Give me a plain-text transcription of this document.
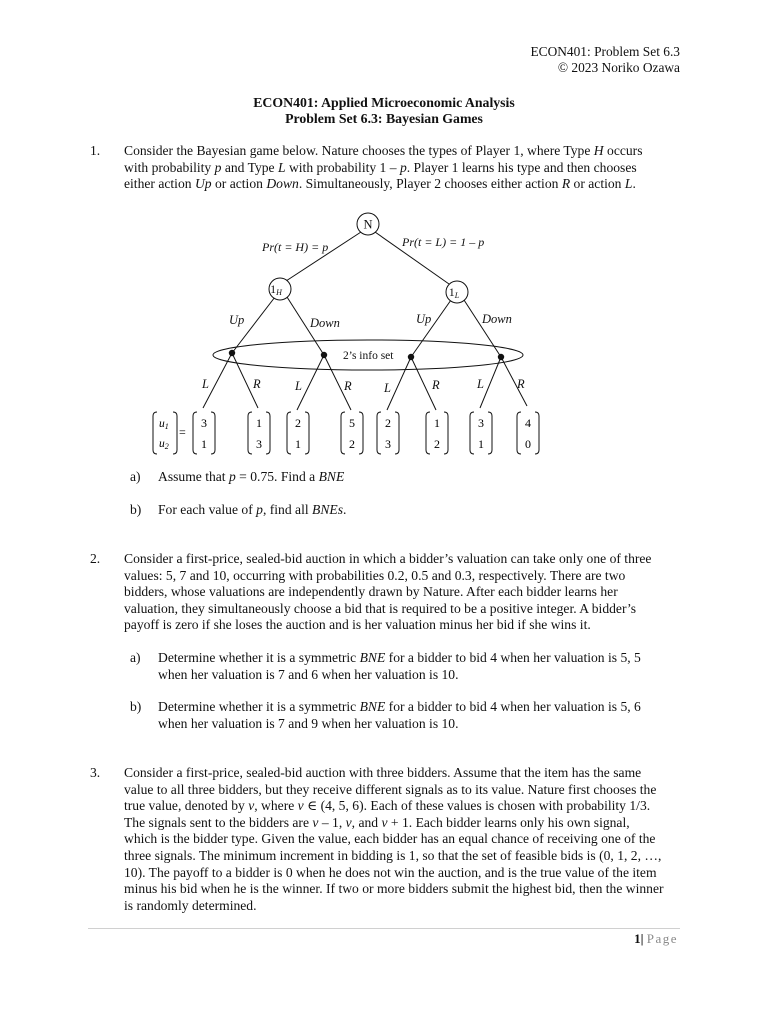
ECON401: Problem Set 6.3
© 2023 Noriko Ozawa
ECON401: Applied Microeconomic Analysis
Problem Set 6.3: Bayesian Games
1. Consider the Bayesian game below. Nature chooses the types of Player 1, where Type H occurs
with probability p and Type L with probability 1 – p. Player 1 learns his type and then chooses
either action Up or action Down. Simultaneously, Player 2 chooses either action R or action L.
N
1H	1L
Pr(t = H) = p	Pr(t = L) = 1 – p
Up	Down	Up	Down
2’s info set
L	R	L	R	L	R	L	R
u1
u2
=
3
1
1
3
2
1
5
2
2
3
1
2
3
1
4
0
a) Assume that p = 0.75. Find a BNE
b) For each value of p, find all BNEs.
2. Consider a first-price, sealed-bid auction in which a bidder’s valuation can take only one of three
values: 5, 7 and 10, occurring with probabilities 0.2, 0.5 and 0.3, respectively. There are two
bidders, whose valuations are independently drawn by Nature. After each bidder learns her
valuation, they simultaneously choose a bid that is required to be a positive integer. A bidder’s
payoff is zero if she loses the auction and is her valuation minus her bid if she wins it.
a) Determine whether it is a symmetric BNE for a bidder to bid 4 when her valuation is 5, 5
when her valuation is 7 and 6 when her valuation is 10.
b) Determine whether it is a symmetric BNE for a bidder to bid 4 when her valuation is 5, 6
when her valuation is 7 and 9 when her valuation is 10.
3. Consider a first-price, sealed-bid auction with three bidders. Assume that the item has the same
value to all three bidders, but they receive different signals as to its value. Nature first chooses the
true value, denoted by v, where v ∈ (4, 5, 6). Each of these values is chosen with probability 1/3.
The signals sent to the bidders are v – 1, v, and v + 1. Each bidder learns only his own signal,
which is the bidder type. Given the value, each bidder has an equal chance of receiving one of the
three signals. The minimum increment in bidding is 1, so that the set of feasible bids is (0, 1, 2, …,
10). The payoff to a bidder is 0 when he does not win the auction, and is the true value of the item
minus his bid when he is the winner. If two or more bidders submit the highest bid, then the winner
is randomly determined.
1| Page
